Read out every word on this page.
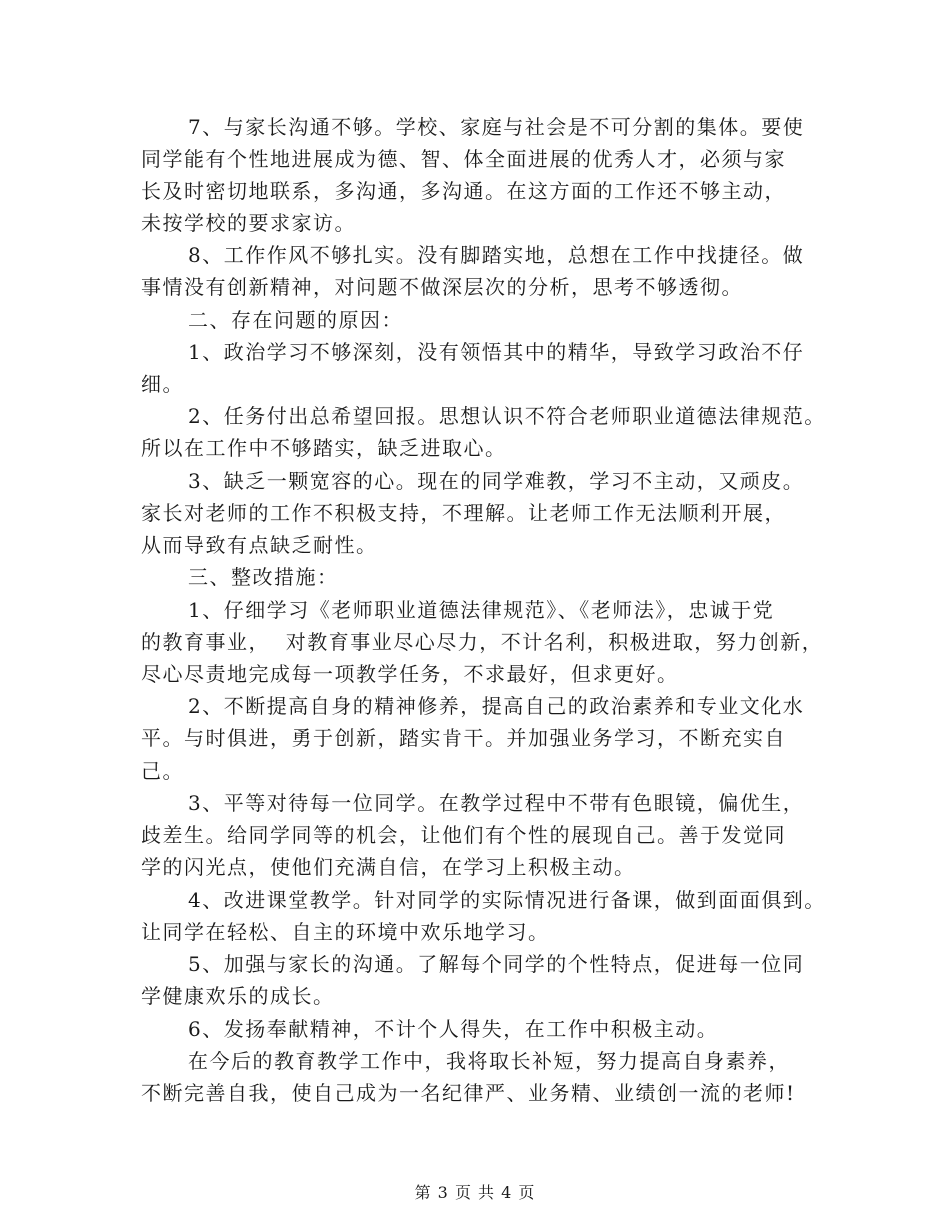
7、与家长沟通不够。学校、家庭与社会是不可分割的集体。要使
同学能有个性地进展成为德、智、体全面进展的优秀人才，必须与家
长及时密切地联系，多沟通，多沟通。在这方面的工作还不够主动，
未按学校的要求家访。
8、工作作风不够扎实。没有脚踏实地，总想在工作中找捷径。做
事情没有创新精神，对问题不做深层次的分析，思考不够透彻。
二、存在问题的原因：
1、政治学习不够深刻，没有领悟其中的精华，导致学习政治不仔
细。
2、任务付出总希望回报。思想认识不符合老师职业道德法律规范。
所以在工作中不够踏实，缺乏进取心。
3、缺乏一颗宽容的心。现在的同学难教，学习不主动，又顽皮。
家长对老师的工作不积极支持，不理解。让老师工作无法顺利开展，
从而导致有点缺乏耐性。
三、整改措施：
1、仔细学习《老师职业道德法律规范》、《老师法》，忠诚于党
的教育事业，  对教育事业尽心尽力，不计名利，积极进取，努力创新，
尽心尽责地完成每一项教学任务，不求最好，但求更好。
2、不断提高自身的精神修养，提高自己的政治素养和专业文化水
平。与时俱进，勇于创新，踏实肯干。并加强业务学习，不断充实自
己。
3、平等对待每一位同学。在教学过程中不带有色眼镜，偏优生，
歧差生。给同学同等的机会，让他们有个性的展现自己。善于发觉同
学的闪光点，使他们充满自信，在学习上积极主动。
4、改进课堂教学。针对同学的实际情况进行备课，做到面面俱到。
让同学在轻松、自主的环境中欢乐地学习。
5、加强与家长的沟通。了解每个同学的个性特点，促进每一位同
学健康欢乐的成长。
6、发扬奉献精神，不计个人得失，在工作中积极主动。
在今后的教育教学工作中，我将取长补短，努力提高自身素养，
不断完善自我，使自己成为一名纪律严、业务精、业绩创一流的老师!
第 3 页 共 4 页
